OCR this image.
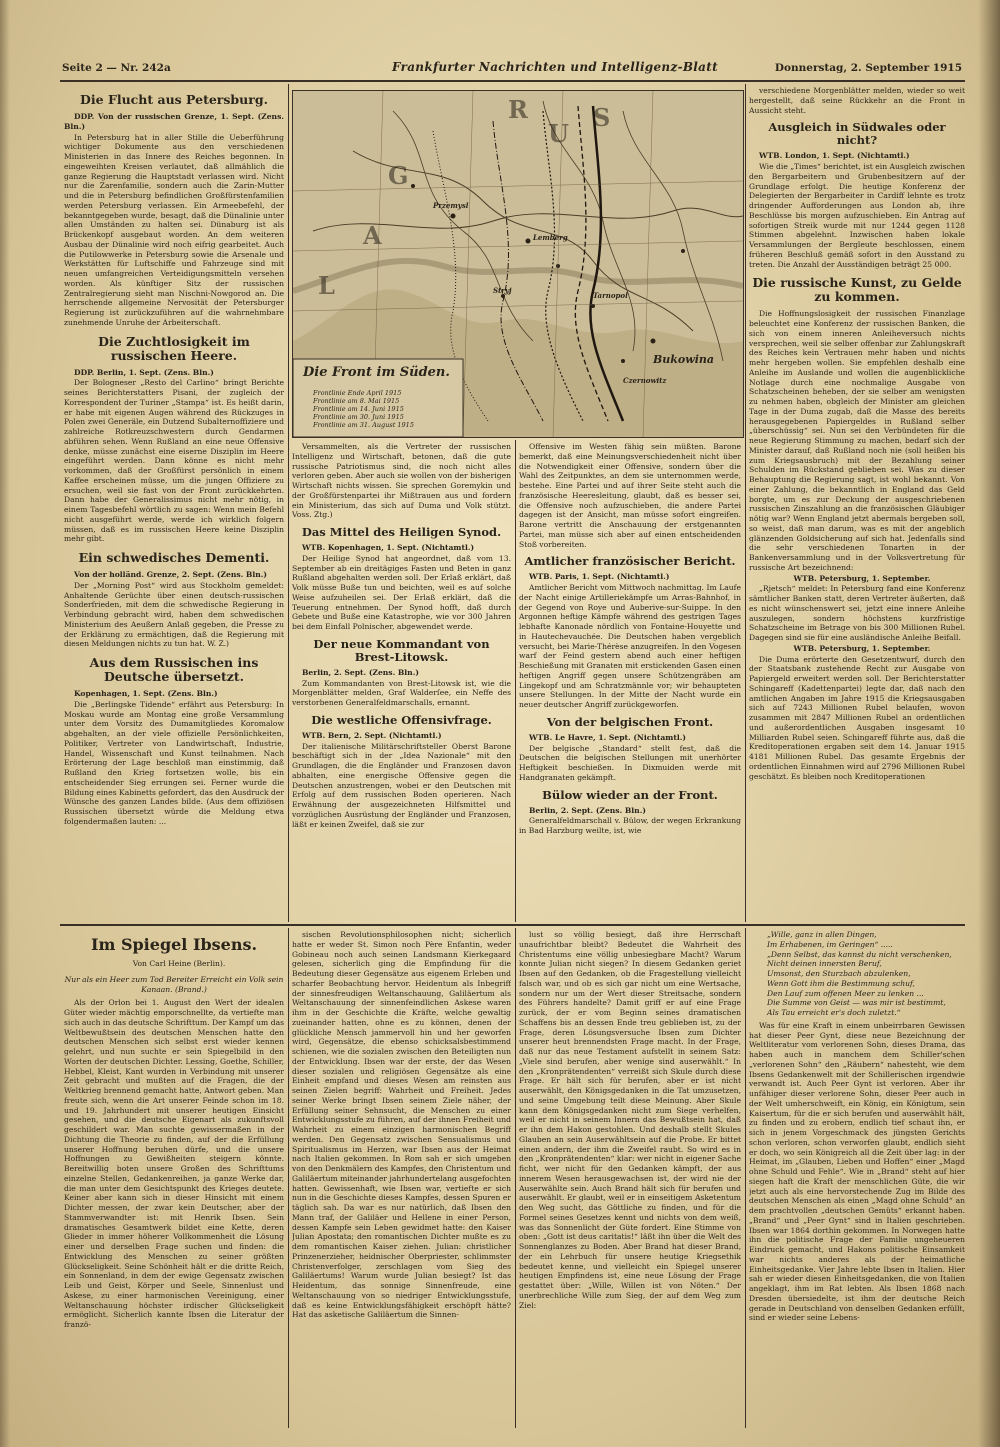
Seite 2 — Nr. 242a	Frankfurter Nachrichten und Intelligenz-Blatt	Donnerstag, 2. September 1915
Die Flucht aus Petersburg.

DDP. Von der russischen Grenze, 1. Sept. (Zens. Bln.)

In Petersburg hat in aller Stille die Ueberführung wichtiger Dokumente aus den verschiedenen Ministerien in das Innere des Reiches begonnen. In eingeweihten Kreisen verlautet, daß allmählich die ganze Regierung die Hauptstadt verlassen wird. Nicht nur die Zarenfamilie, sondern auch die Zarin-Mutter und die in Petersburg befindlichen Großfürstenfamilien werden Petersburg verlassen. Ein Armeebefehl, der bekanntgegeben wurde, besagt, daß die Dünalinie unter allen Umständen zu halten sei. Dünaburg ist als Brückenkopf ausgebaut worden. An dem weiteren Ausbau der Dünalinie wird noch eifrig gearbeitet. Auch die Putilowwerke in Petersburg sowie die Arsenale und Werkstätten für Luftschiffe und Fahrzeuge sind mit neuen umfangreichen Verteidigungsmitteln versehen worden. Als künftiger Sitz der russischen Zentralregierung sieht man Nischni-Nowgorod an. Die herrschende allgemeine Nervosität der Petersburger Regierung ist zurückzuführen auf die wahrnehmbare zunehmende Unruhe der Arbeiterschaft.

Die Zuchtlosigkeit im russischen Heere.

DDP. Berlin, 1. Sept. (Zens. Bln.)

Der Bologneser „Resto del Carlino“ bringt Berichte seines Berichterstatters Pisani, der zugleich der Korrespondent der Turiner „Stampa“ ist. Es heißt darin, er habe mit eigenen Augen während des Rückzuges in Polen zwei Generäle, ein Dutzend Subalternoffiziere und zahlreiche Rotkreuzschwestern durch Gendarmen abführen sehen. Wenn Rußland an eine neue Offensive denke, müsse zunächst eine eiserne Disziplin im Heere eingeführt werden. Dann könne es nicht mehr vorkommen, daß der Großfürst persönlich in einem Kaffee erscheinen müsse, um die jungen Offiziere zu ersuchen, weil sie fast von der Front zurückkehrten. Dann habe der Generalissimus nicht mehr nötig, in einem Tagesbefehl wörtlich zu sagen: Wenn mein Befehl nicht ausgeführt werde, werde ich wirklich folgern müssen, daß es im russischen Heere keine Disziplin mehr gibt.

Ein schwedisches Dementi.

Von der holländ. Grenze, 2. Sept. (Zens. Bln.)

Der „Morning Post“ wird aus Stockholm gemeldet: Anhaltende Gerüchte über einen deutsch-russischen Sonderfrieden, mit dem die schwedische Regierung in Verbindung gebracht wird, haben dem schwedischen Ministerium des Aeußern Anlaß gegeben, die Presse zu der Erklärung zu ermächtigen, daß die Regierung mit diesen Meldungen nichts zu tun hat. W. Z.)

Aus dem Russischen ins Deutsche übersetzt.

Kopenhagen, 1. Sept. (Zens. Bln.)

Die „Berlingske Tidende“ erfährt aus Petersburg: In Moskau wurde am Montag eine große Versammlung unter dem Vorsitz des Dumamitgliedes Koromalow abgehalten, an der viele offizielle Persönlichkeiten, Politiker, Vertreter von Landwirtschaft, Industrie, Handel, Wissenschaft und Kunst teilnahmen. Nach Erörterung der Lage beschloß man einstimmig, daß Rußland den Krieg fortsetzen wolle, bis ein entscheidender Sieg errungen sei. Ferner wurde die Bildung eines Kabinetts gefordert, das den Ausdruck der Wünsche des ganzen Landes bilde. (Aus dem offiziösen Russischen übersetzt würde die Meldung etwa folgendermaßen lauten: ...

R
U
S
G
A
L
Przemysl
Lemberg
Bukowina
Czernowitz
Stryj
Tarnopol
Die Front im Süden.
Frontlinie Ende April 1915
Frontlinie am 8. Mai 1915
Frontlinie am 14. Juni 1915
Frontlinie am 30. Juni 1915
Frontlinie am 31. August 1915

Versammelten, als die Vertreter der russischen Intelligenz und Wirtschaft, betonen, daß die gute russische Patriotismus sind, die noch nicht alles verloren geben. Aber auch sie wollen von der bisherigen Wirtschaft nichts wissen. Sie sprechen Goremykin und der Großfürstenpartei ihr Mißtrauen aus und fordern ein Ministerium, das sich auf Duma und Volk stützt. Voss. Ztg.)

Das Mittel des Heiligen Synod.

WTB. Kopenhagen, 1. Sept. (Nichtamtl.)

Der Heilige Synod hat angeordnet, daß vom 13. September ab ein dreitägiges Fasten und Beten in ganz Rußland abgehalten werden soll. Der Erlaß erklärt, daß Volk müsse Buße tun und beichten, weil es auf solche Weise aufzuheilen sei. Der Erlaß erklärt, daß die Teuerung entnehmen. Der Synod hofft, daß durch Gebete und Buße eine Katastrophe, wie vor 300 Jahren bei dem Einfall Polnischer, abgewendet werde.

Der neue Kommandant von Brest-Litowsk.

Berlin, 2. Sept. (Zens. Bln.)

Zum Kommandanten von Brest-Litowsk ist, wie die Morgenblätter melden, Graf Walderſee, ein Neffe des verstorbenen Generalfeldmarschalls, ernannt.

Die westliche Offensivfrage.

WTB. Bern, 2. Sept. (Nichtamtl.)

Der italienische Militärschriftsteller Oberst Barone beschäftigt sich in der „Idea Nazionale“ mit den Grundlagen, die die Engländer und Franzosen davon abhalten, eine energische Offensive gegen die Deutschen anzustrengen, wobei er den Deutschen mit Erfolg auf dem russischen Boden operieren. Nach Erwähnung der ausgezeichneten Hilfsmittel und vorzüglichen Ausrüstung der Engländer und Franzosen, läßt er keinen Zweifel, daß sie zur

Offensive im Westen fähig sein müßten. Barone bemerkt, daß eine Meinungsverschiedenheit nicht über die Notwendigkeit einer Offensive, sondern über die Wahl des Zeitpunktes, an dem sie unternommen werde, bestehe. Eine Partei und auf ihrer Seite steht auch die französische Heeresleitung, glaubt, daß es besser sei, die Offensive noch aufzuschieben, die andere Partei dagegen ist der Ansicht, man müsse sofort eingreifen. Barone vertritt die Anschauung der erstgenannten Partei, man müsse sich aber auf einen entscheidenden Stoß vorbereiten.

Amtlicher französischer Bericht.

WTB. Paris, 1. Sept. (Nichtamtl.)

Amtlicher Bericht vom Mittwoch nachmittag. Im Laufe der Nacht einige Artilleriekämpfe um Arras-Bahnhof, in der Gegend von Roye und Auberive-sur-Suippe. In den Argonnen heftige Kämpfe während des gestrigen Tages lebhafte Kanonade nördlich von Fontaine-Houyette und in Hautechevauchée. Die Deutschen haben vergeblich versucht, bei Marie-Thérèse anzugreifen. In den Vogesen warf der Feind gestern abend auch einer heftigen Beschießung mit Granaten mit erstickenden Gasen einen heftigen Angriff gegen unsere Schützengräben am Lingekopf und am Schratzmännle vor; wir behaupteten unsere Stellungen. In der Mitte der Nacht wurde ein neuer deutscher Angriff zurückgeworfen.

Von der belgischen Front.

WTB. Le Havre, 1. Sept. (Nichtamtl.)

Der belgische „Standard“ stellt fest, daß die Deutschen die belgischen Stellungen mit unerhörter Heftigkeit beschießen. In Dixmuiden werde mit Handgranaten gekämpft.

Bülow wieder an der Front.

Berlin, 2. Sept. (Zens. Bln.)

Generalfeldmarschall v. Bülow, der wegen Erkrankung in Bad Harzburg weilte, ist, wie

verschiedene Morgenblätter melden, wieder so weit hergestellt, daß seine Rückkehr an die Front in Aussicht steht.

Ausgleich in Südwales oder nicht?

WTB. London, 1. Sept. (Nichtamtl.)

Wie die „Times“ berichtet, ist ein Ausgleich zwischen den Bergarbeitern und Grubenbesitzern auf der Grundlage erfolgt. Die heutige Konferenz der Delegierten der Bergarbeiter in Cardiff lehnte es trotz dringender Aufforderungen aus London ab, ihre Beschlüsse bis morgen aufzuschieben. Ein Antrag auf sofortigen Streik wurde mit nur 1244 gegen 1128 Stimmen abgelehnt. Inzwischen haben lokale Versammlungen der Bergleute beschlossen, einem früheren Beschluß gemäß sofort in den Ausstand zu treten. Die Anzahl der Ausständigen beträgt 25 000.

Die russische Kunst, zu Gelde zu kommen.

Die Hoffnungslosigkeit der russischen Finanzlage beleuchtet eine Konferenz der russischen Banken, die sich von einem inneren Anleiheversuch nichts versprechen, weil sie selber offenbar zur Zahlungskraft des Reiches kein Vertrauen mehr haben und nichts mehr hergeben wollen. Sie empfehlen deshalb eine Anleihe im Auslande und wollen die augenblickliche Notlage durch eine nochmalige Ausgabe von Schatzscheinen beheben, der sie selber am wenigsten zu nehmen haben, obgleich der Minister am gleichen Tage in der Duma zugab, daß die Masse des bereits herausgegebenen Papiergeldes in Rußland selber „überschüssig“ sei. Nun sei den Verbündeten für die neue Regierung Stimmung zu machen, bedarf sich der Minister darauf, daß Rußland noch nie (soll heißen bis zum Kriegsausbruch) mit der Bezahlung seiner Schulden im Rückstand geblieben sei. Was zu dieser Behauptung die Regierung sagt, ist wohl bekannt. Von einer Zahlung, die bekanntlich in England das Geld borgte, um es zur Deckung der ausgeschriebenen russischen Zinszahlung an die französischen Gläubiger nötig war? Wenn England jetzt abermals bergeben soll, so weist, daß man darum, was es mit der angeblich glänzenden Goldsicherung auf sich hat. Jedenfalls sind die sehr verschiedenen Tonarten in der Bankenversammlung und in der Volksvertretung für russische Art bezeichnend:

WTB. Petersburg, 1. September.

„Rjetsch“ meldet: In Petersburg fand eine Konferenz sämtlicher Banken statt, deren Vertreter äußerten, daß es nicht wünschenswert sei, jetzt eine innere Anleihe auszulegen, sondern höchstens kurzfristige Schatzscheine im Betrage von bis 300 Millionen Rubel. Dagegen sind sie für eine ausländische Anleihe Beifall.

WTB. Petersburg, 1. September.

Die Duma erörterte den Gesetzentwurf, durch den der Staatsbank zustehende Recht zur Ausgabe von Papiergeld erweitert werden soll. Der Berichterstatter Schingareff (Kadettenpartei) legte dar, daß nach den amtlichen Angaben im Jahre 1915 die Kriegsausgaben sich auf 7243 Millionen Rubel belaufen, wovon zusammen mit 2847 Millionen Rubel an ordentlichen und außerordentlichen Ausgaben insgesamt 10 Milliarden Rubel seien. Schingareff führte aus, daß die Kreditoperationen ergaben seit dem 14. Januar 1915 4181 Millionen Rubel. Das gesamte Ergebnis der ordentlichen Einnahmen wird auf 2796 Millionen Rubel geschätzt. Es bleiben noch Kreditoperationen

Im Spiegel Ibsens.

Von Carl Heine (Berlin).

Nur als ein Heer zum Tod Bereiter Erreicht ein Volk sein Kanaan. (Brand.)

Als der Orlon bei 1. August den Wert der idealen Güter wieder mächtig emporschnellte, da vertiefte man sich auch in das deutsche Schrifttum. Der Kampf um das Weltbewußtsein des deutschen Menschen hatte den deutschen Menschen sich selbst erst wieder kennen gelehrt, und nun suchte er sein Spiegelbild in den Worten der deutschen Dichter. Lessing, Goethe, Schiller, Hebbel, Kleist, Kant wurden in Verbindung mit unserer Zeit gebracht und mußten auf die Fragen, die der Weltkrieg brennend gemacht hatte, Antwort geben. Man freute sich, wenn die Art unserer Feinde schon im 18. und 19. Jahrhundert mit unserer heutigen Einsicht gesehen, und die deutsche Eigenart als zukunftsvoll geschildert war. Man suchte gewissermaßen in der Dichtung die Theorie zu finden, auf der die Erfüllung unserer Hoffnung beruhen dürfe, und die unsere Hoffnungen zu Gewißheiten steigern könnte. Bereitwillig boten unsere Großen des Schrifttums einzelne Stellen, Gedankenreihen, ja ganze Werke dar, die man unter dem Gesichtspunkt des Krieges deutete. Keiner aber kann sich in dieser Hinsicht mit einem Dichter messen, der zwar kein Deutscher, aber der Stammverwandter ist: mit Henrik Ibsen. Sein dramatisches Gesamtwerk bildet eine Kette, deren Glieder in immer höherer Vollkommenheit die Lösung einer und derselben Frage suchen und finden: die Entwicklung des Menschen zu seiner größten Glückseligkeit. Seine Schönheit hält er die dritte Reich, ein Sonnenland, in dem der ewige Gegensatz zwischen Leib und Geist, Körper und Seele, Sinnenlust und Askese, zu einer harmonischen Vereinigung, einer Weltanschauung höchster irdischer Glückseligkeit ermöglicht. Sicherlich kannte Ibsen die Literatur der franzö-

sischen Revolutionsphilosophen nicht; sicherlich hatte er weder St. Simon noch Père Enfantin, weder Gobineau noch auch seinen Landsmann Kierkegaard gelesen, sicherlich ging die Empfindung für die Bedeutung dieser Gegensätze aus eigenem Erleben und scharfer Beobachtung hervor. Heidentum als Inbegriff der sinnesfreudigen Weltanschauung, Galiläertum als Weltanschauung der sinnenfeindlichen Askese waren ihm in der Geschichte die Kräfte, welche gewaltig zueinander hatten, ohne es zu können, denen der glückliche Mensch jammervoll hin und her geworfen wird, Gegensätze, die ebenso schicksalsbestimmend schienen, wie die sozialen zwischen den Beteiligten nun der Entwicklung. Ibsen war der erste, der das Wesen dieser sozialen und religiösen Gegensätze als eine Einheit empfand und dieses Wesen am reinsten aus seinen Zielen begriff: Wahrheit und Freiheit. Jedes seiner Werke bringt Ibsen seinem Ziele näher, der Erfüllung seiner Sehnsucht, die Menschen zu einer Entwicklungsstufe zu führen, auf der ihnen Freiheit und Wahrheit zu einem einzigen harmonischen Begriff werden. Den Gegensatz zwischen Sensualismus und Spiritualismus im Herzen, war Ibsen aus der Heimat nach Italien gekommen. In Rom sah er sich umgeben von den Denkmälern des Kampfes, den Christentum und Galiläertum miteinander jahrhundertelang ausgefochten hatten. Gewissenhaft, wie Ibsen war, vertiefte er sich nun in die Geschichte dieses Kampfes, dessen Spuren er täglich sah. Da war es nur natürlich, daß Ibsen den Mann traf, der Galiläer und Hellene in einer Person, dessen Kampfe sein Leben gewidmet hatte: den Kaiser Julian Apostata; den romantischen Dichter mußte es zu dem romantischen Kaiser ziehen. Julian: christlicher Prinzenerzieher, heidnischer Oberpriester, schlimmster Christenverfolger, zerschlagen vom Sieg des Galiläertums! Warum wurde Julian besiegt? Ist das Heidentum, das sonnige Sinnenfreude, eine Weltanschauung von so niedriger Entwicklungsstufe, daß es keine Entwicklungsfähigkeit erschöpft hätte? Hat das asketische Galiläertum die Sinnen-

lust so völlig besiegt, daß ihre Herrschaft unaufrichtbar bleibt? Bedeutet die Wahrheit des Christentums eine völlig unbesiegbare Macht? Warum konnte Julian nicht siegen? In diesem Gedanken geriet Ibsen auf den Gedanken, ob die Fragestellung vielleicht falsch war, und ob es sich gar nicht um eine Wertsache, sondern nur um der Wert dieser Streitsache, sondern des Führers handelte? Damit griff er auf eine Frage zurück, der er vom Beginn seines dramatischen Schaffens bis an dessen Ende treu geblieben ist, zu der Frage, deren Lösungsversuche Ibsen zum Dichter unserer heut brennendsten Frage macht. In der Frage, daß nur das neue Testament aufstellt in seinem Satz: „Viele sind berufen, aber wenige sind auserwählt.“ In den „Kronprätendenten“ verreißt sich Skule durch diese Frage. Er hält sich für berufen, aber er ist nicht auserwählt, den Königsgedanken in die Tat umzusetzen, und seine Umgebung teilt diese Meinung. Aber Skule kann dem Königsgedanken nicht zum Siege verhelfen, weil er nicht in seinem Innern das Bewußtsein hat, daß er ihn dem Hakon gestohlen. Und deshalb stellt Skules Glauben an sein Auserwähltsein auf die Probe. Er bittet einen andern, der ihm die Zweifel raubt. So wird es in den „Kronprätendenten“ klar: wer nicht in eigener Sache ficht, wer nicht für den Gedanken kämpft, der aus innerem Wesen herausgewachsen ist, der wird nie der Auserwählte sein. Auch Brand hält sich für berufen und auserwählt. Er glaubt, weil er in einseitigem Asketentum den Weg sucht, das Göttliche zu finden, und für die Formel seines Gesetzes kennt und nichts von dem weiß, was das Sonnenlicht der Güte fordert. Eine Stimme von oben: „Gott ist deus caritatis!“ läßt ihn über die Welt des Sonnenglanzes zu Boden. Aber Brand hat dieser Brand, der ein Lehrbuch für unsere heutige Kriegsethik bedeutet kenne, und vielleicht ein Spiegel unserer heutigen Empfindens ist, eine neue Lösung der Frage gestattet über: „Wille, Willen ist von Nöten.“ Der unerbrechliche Wille zum Sieg, der auf dem Weg zum Ziel:

„Wille, ganz in allen Dingen,

Im Erhabenen, im Geringen“ .....

„Denn Selbst, das kannst du nicht verschenken,

Nicht deinen innersten Beruf,

Umsonst, den Sturzbach abzulenken,

Wenn Gott ihm die Bestimmung schuf,

Den Lauf zum offenen Meer zu lenken ...

Die Summe von Geist — was mir ist bestimmt,

Als Tau erreicht er's doch zuletzt.“

Was für eine Kraft in einem unbeirrbaren Gewissen hat dieser Peer Gynt, diese neue Bezeichnung der Weltliteratur vom verlorenen Sohn, dieses Drama, das haben auch in manchem dem Schiller'schen „verlorenen Sohn“ den „Räubern“ nahesteht, wie dem Ibsens Gedankenwelt mit der Schillerischen irgendwie verwandt ist. Auch Peer Gynt ist verloren. Aber ihr unfähiger dieser verlorene Sohn, dieser Peer auch in der Welt umherschweift, ein König, ein Königtum, sein Kaisertum, für die er sich berufen und auserwählt hält, zu finden und zu erobern, endlich tief schaut ihn, er sich in jenem Vorgeschmack des jüngsten Gerichts schon verloren, schon verworfen glaubt, endlich sieht er doch, wo sein Königreich all die Zeit über lag: in der Heimat, im „Glauben, Lieben und Hoffen“ einer „Magd ohne Schuld und Fehle“. Wie in „Brand“ steht auf hier siegen haft die Kraft der menschlichen Güte, die wir jetzt auch als eine hervorstechende Zug im Bilde des deutschen Menschen als einen „Magd ohne Schuld“ an dem prachtvollen „deutschen Gemüts“ erkannt haben. „Brand“ und „Peer Gynt“ sind in Italien geschrieben. Ibsen war 1864 dorthin gekommen. In Norwegen hatte ihn die politische Frage der Familie ungeheueren Eindruck gemacht, und Hakons politische Einsamkeit war nichts anderes als der heimatliche Einheitsgedanke. Vier Jahre lebte Ibsen in Italien. Hier sah er wieder diesen Einheitsgedanken, die von Italien angeklagt, ihm im Rat lebten. Als Ibsen 1868 nach Dresden übersiedelte, ist ihm der deutsche Reich gerade in Deutschland von denselben Gedanken erfüllt, sind er wieder seine Lebens-
